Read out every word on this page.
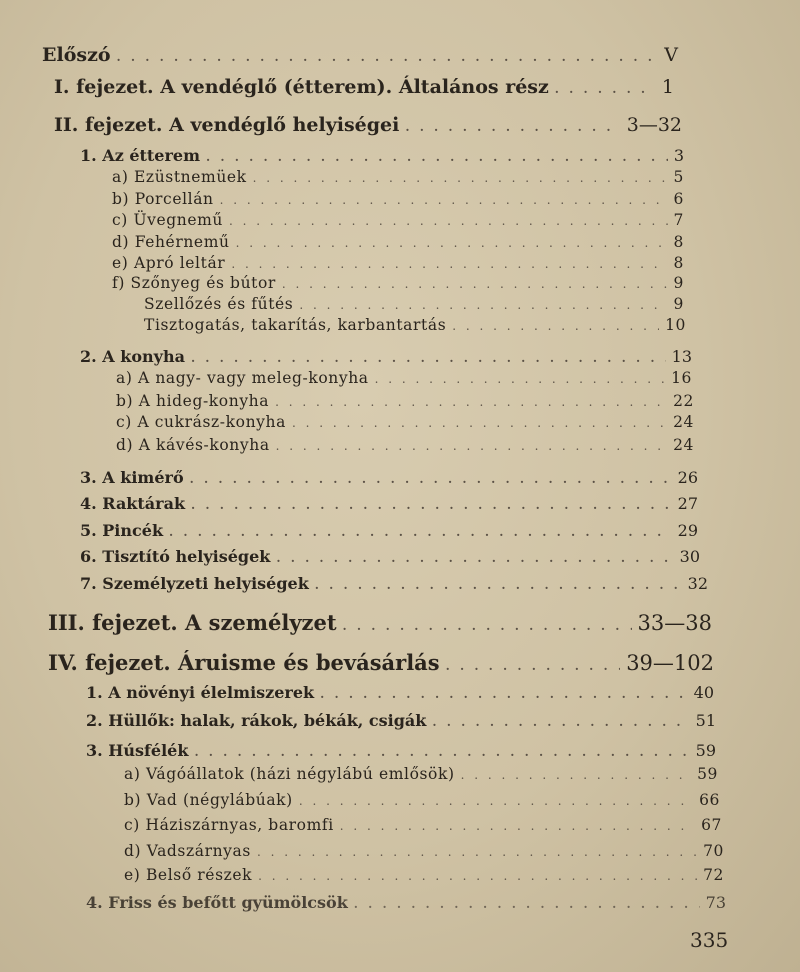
Előszó . . .	V
I. fejezet. A vendéglő (étterem). Általános rész . . .	1
II. fejezet. A vendéglő helyiségei . . .	3—32
1. Az étterem . . .	3
a) Ezüstnemüek . . .	5
b) Porcellán . . .	6
c) Üvegnemű . . .	7
d) Fehérnemű . . .	8
e) Apró leltár . . .	8
f) Szőnyeg és bútor . . .	9
Szellőzés és fűtés . . .	9
Tisztogatás, takarítás, karbantartás . . .	10
2. A konyha . . .	13
a) A nagy- vagy meleg-konyha . . .	16
b) A hideg-konyha . . .	22
c) A cukrász-konyha . . .	24
d) A kávés-konyha . . .	24
3. A kimérő . . .	26
4. Raktárak . . .	27
5. Pincék . . .	29
6. Tisztító helyiségek . . .	30
7. Személyzeti helyiségek . . .	32
III. fejezet. A személyzet . . .	33—38
IV. fejezet. Áruisme és bevásárlás . . .	39—102
1. A növényi élelmiszerek . . .	40
2. Hüllők: halak, rákok, békák, csigák . . .	51
3. Húsfélék . . .	59
a) Vágóállatok (házi négylábú emlősök) . . .	59
b) Vad (négylábúak) . . .	66
c) Háziszárnyas, baromfi . . .	67
d) Vadszárnyas . . .	70
e) Belső részek . . .	72
4. Friss és befőtt gyümölcsök . . .	73
335
